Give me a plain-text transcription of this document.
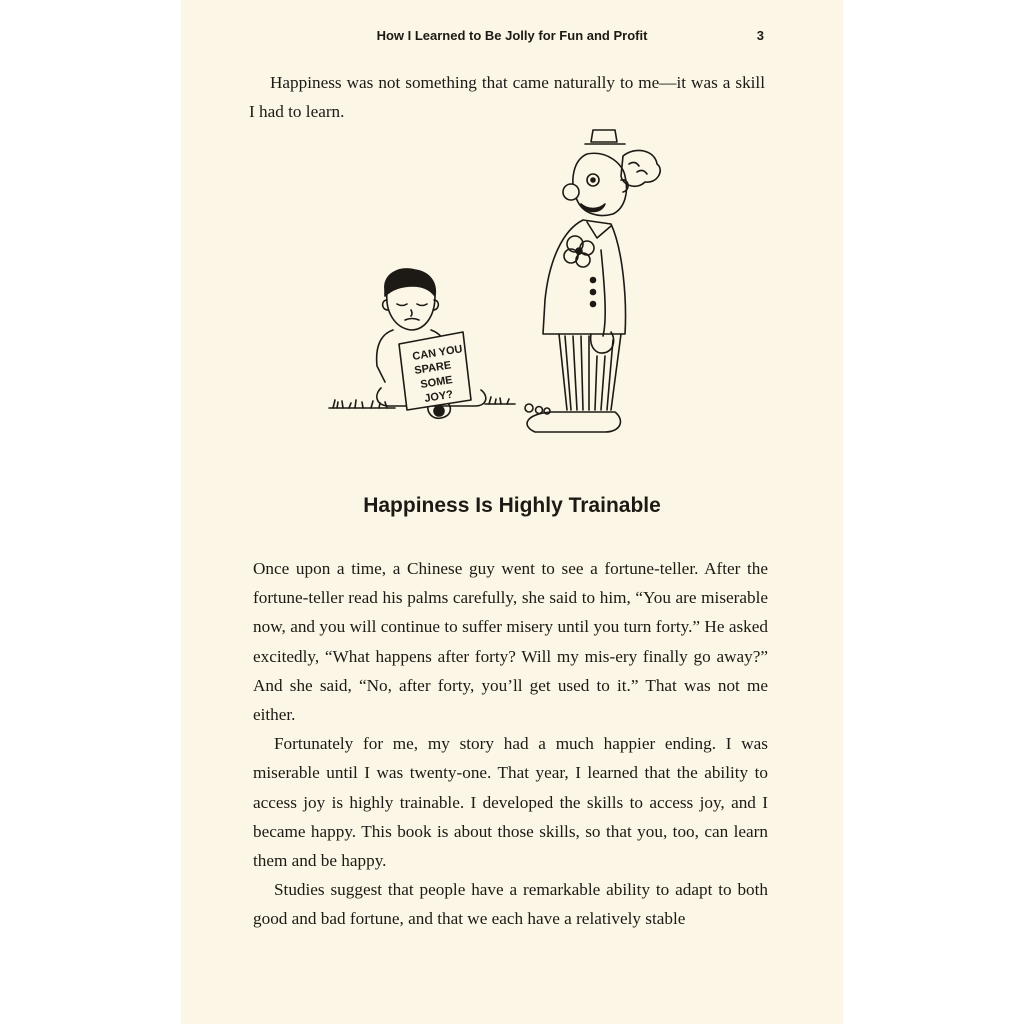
How I Learned to Be Jolly for Fun and Profit	3

Happiness was not something that came naturally to me—it was a skill I had to learn.

CAN YOU
SPARE
SOME
JOY?
Happiness Is Highly Trainable

Once upon a time, a Chinese guy went to see a fortune-teller. After the fortune-teller read his palms carefully, she said to him, “You are miserable now, and you will continue to suffer misery until you turn forty.” He asked excitedly, “What happens after forty? Will my mis-ery finally go away?” And she said, “No, after forty, you’ll get used to it.” That was not me either.

Fortunately for me, my story had a much happier ending. I was miserable until I was twenty-one. That year, I learned that the ability to access joy is highly trainable. I developed the skills to access joy, and I became happy. This book is about those skills, so that you, too, can learn them and be happy.

Studies suggest that people have a remarkable ability to adapt to both good and bad fortune, and that we each have a relatively stable
